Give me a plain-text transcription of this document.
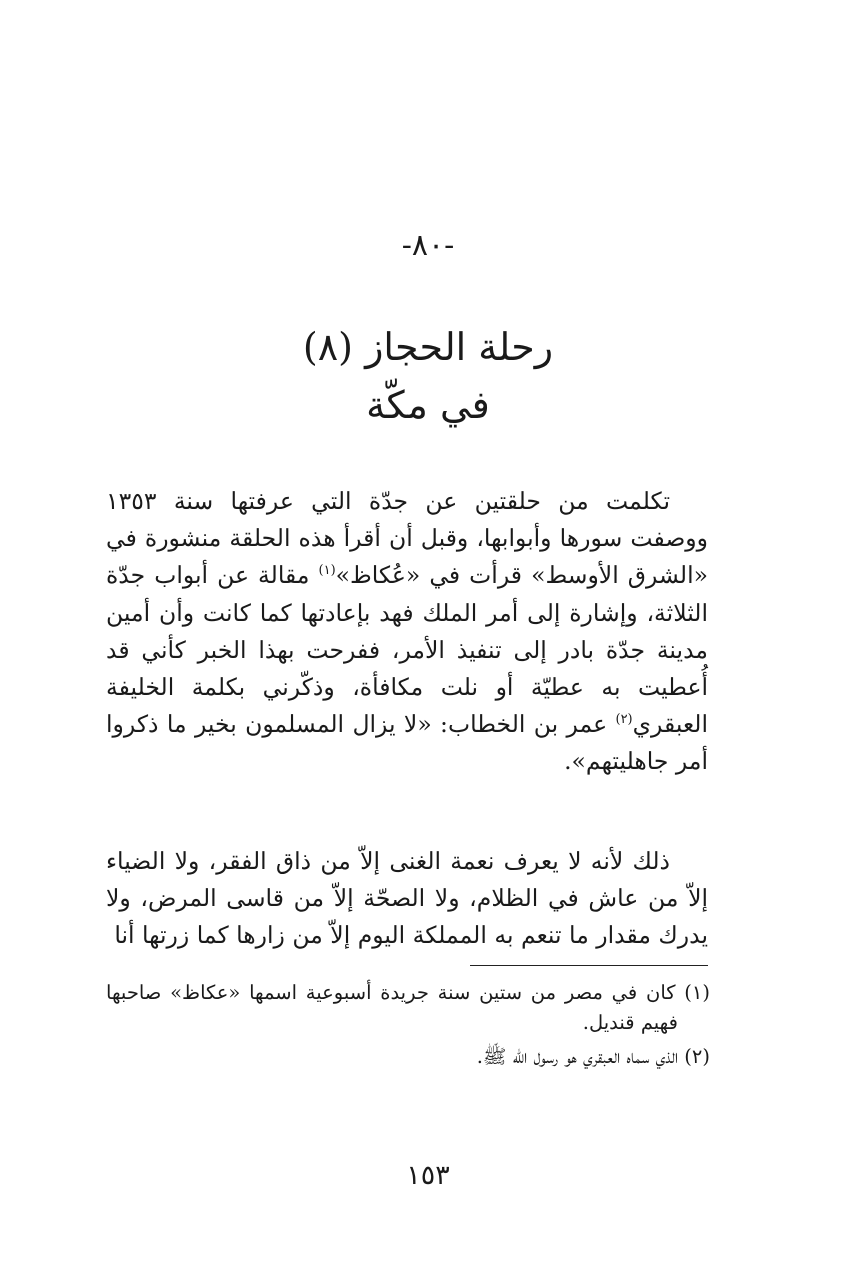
-٨٠-
رحلة الحجاز (٨)
في مكّة

تكلمت من حلقتين عن جدّة التي عرفتها سنة ١٣٥٣ ووصفت سورها وأبوابها، وقبل أن أقرأ هذه الحلقة منشورة في «الشرق الأوسط» قرأت في «عُكاظ»$^{(١)}$ مقالة عن أبواب جدّة الثلاثة، وإشارة إلى أمر الملك فهد بإعادتها كما كانت وأن أمين مدينة جدّة بادر إلى تنفيذ الأمر، ففرحت بهذا الخبر كأني قد أُعطيت به عطيّة أو نلت مكافأة، وذكّرني بكلمة الخليفة العبقري$^{(٢)}$ عمر بن الخطاب: «لا يزال المسلمون بخير ما ذكروا أمر جاهليتهم».

ذلك لأنه لا يعرف نعمة الغنى إلاّ من ذاق الفقر، ولا الضياء إلاّ من عاش في الظلام، ولا الصحّة إلاّ من قاسى المرض، ولا يدرك مقدار ما تنعم به المملكة اليوم إلاّ من زارها كما زرتها أنا

(١) كان في مصر من ستين سنة جريدة أسبوعية اسمها «عكاظ» صاحبها فهيم قنديل.

(٢) الذي سماه العبقري هو رسول الله ﷺ.

١٥٣
